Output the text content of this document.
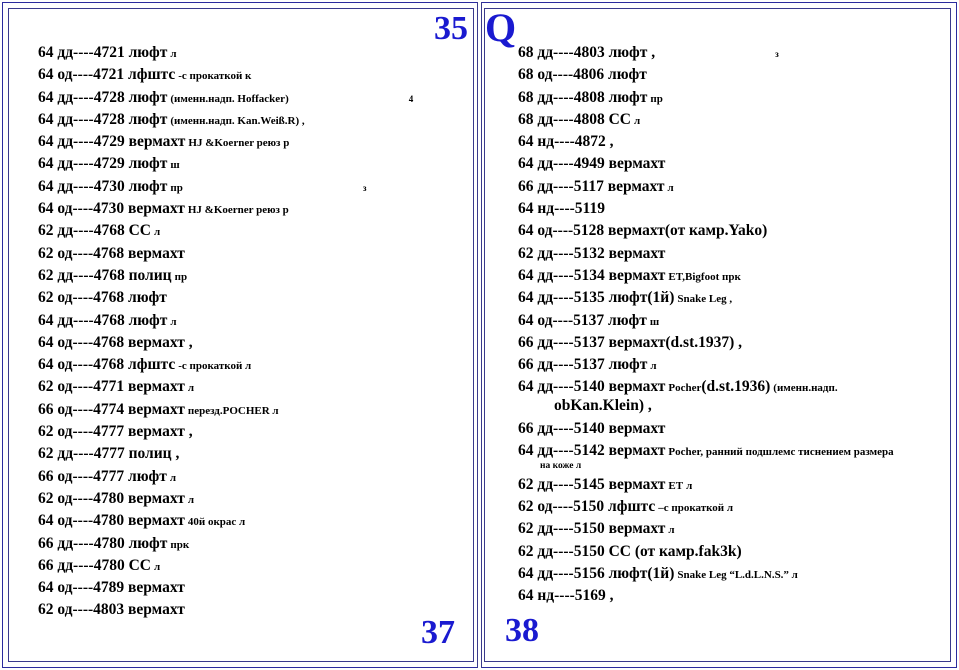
35 Q
37 38
64 дд----4721 люфт л
64 од----4721 лфштс -с прокаткой к
64 дд----4728 люфт (именн.надп. Hoffacker)	4
64 дд----4728 люфт (именн.надп. Kan.Weiß.R) ,
64 дд----4729 вермахт HJ &Koerner реюз р
64 дд----4729 люфт ш
64 дд----4730 люфт пр	з
64 од----4730 вермахт HJ &Koerner реюз р
62 дд----4768 СС л
62 од----4768 вермахт
62 дд----4768 полиц пр
62 од----4768 люфт
64 дд----4768 люфт л
64 од----4768 вермахт ,
64 од----4768 лфштс -с прокаткой л
62 од----4771 вермахт л
66 од----4774 вермахт перезд.POCHER л
62 од----4777 вермахт ,
62 дд----4777 полиц ,
66 од----4777 люфт л
62 од----4780 вермахт л
64 од----4780 вермахт 40й окрас л
66 дд----4780 люфт прк
66 дд----4780 СС л
64 од----4789 вермахт
62 од----4803 вермахт
68 дд----4803 люфт ,	з
68 од----4806 люфт
68 дд----4808 люфт пр
68 дд----4808 СС л
64 нд----4872 ,
64 дд----4949 вермахт
66 дд----5117 вермахт л
64 нд----5119
64 од----5128 вермахт(от камр.Yako)
62 дд----5132 вермахт
64 дд----5134 вермахт ET,Bigfoot прк
64 дд----5135 люфт(1й) Snake Leg ,
64 од----5137 люфт ш
66 дд----5137 вермахт(d.st.1937) ,
66 дд----5137 люфт л
64 дд----5140 вермахт Pocher(d.st.1936) (именн.надп.
obKan.Klein) ,
66 дд----5140 вермахт
64 дд----5142 вермахт Pocher, ранний подшлемс тиснением размера
на коже л
62 дд----5145 вермахт ET л
62 од----5150 лфштс –с прокаткой л
62 дд----5150 вермахт л
62 дд----5150 СС (от камр.fak3k)
64 дд----5156 люфт(1й) Snake Leg “L.d.L.N.S.” л
64 нд----5169 ,
